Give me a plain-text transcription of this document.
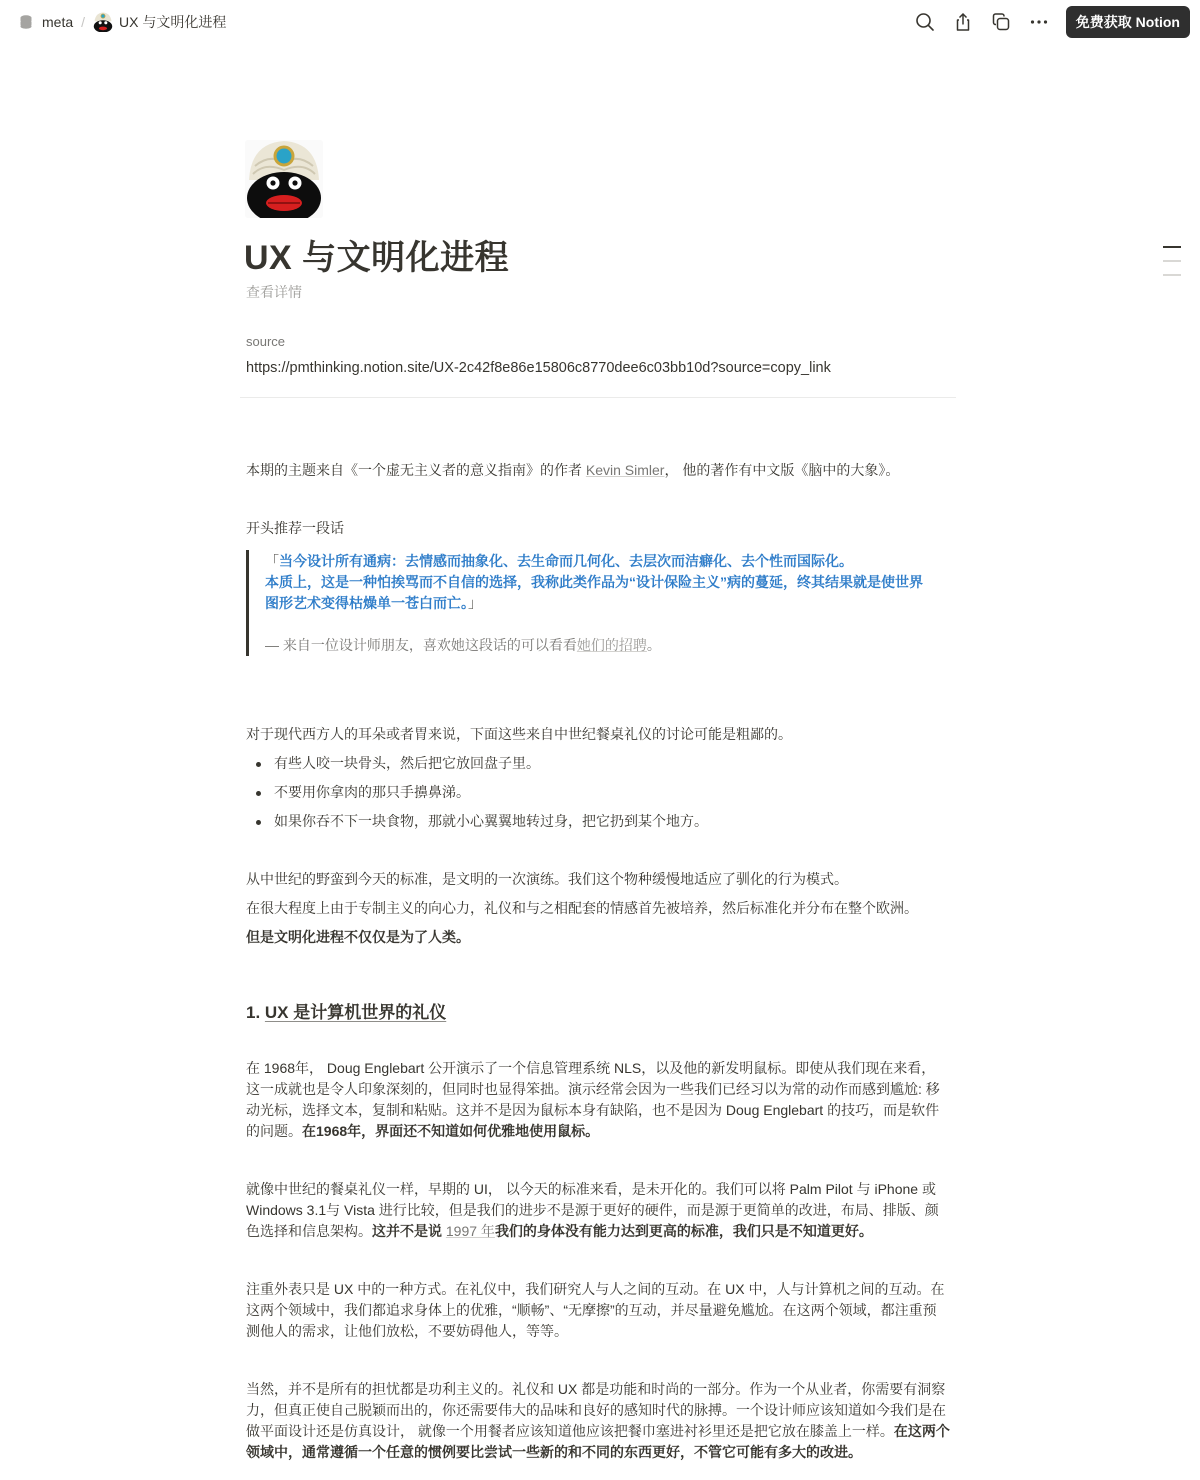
meta / UX 与文明化进程	免费获取 Notion
UX 与文明化进程
查看详情
source
https://pmthinking.notion.site/UX-2c42f8e86e15806c8770dee6c03bb10d?source=copy_link
本期的主题来自《一个虚无主义者的意义指南》的作者 Kevin Simler， 他的著作有中文版《脑中的大象》。
开头推荐一段话
「当今设计所有通病：去情感而抽象化、去生命而几何化、去层次而洁癖化、去个性而国际化。
本质上，这是一种怕挨骂而不自信的选择，我称此类作品为“设计保险主义”病的蔓延，终其结果就是使世界
图形艺术变得枯燥单一苍白而亡。」
— 来自一位设计师朋友，喜欢她这段话的可以看看她们的招聘。
对于现代西方人的耳朵或者胃来说，下面这些来自中世纪餐桌礼仪的讨论可能是粗鄙的。
有些人咬一块骨头，然后把它放回盘子里。
不要用你拿肉的那只手擤鼻涕。
如果你吞不下一块食物，那就小心翼翼地转过身，把它扔到某个地方。
从中世纪的野蛮到今天的标准，是文明的一次演练。我们这个物种缓慢地适应了驯化的行为模式。
在很大程度上由于专制主义的向心力，礼仪和与之相配套的情感首先被培养，然后标准化并分布在整个欧洲。
但是文明化进程不仅仅是为了人类。
1. UX 是计算机世界的礼仪
在 1968年， Doug Englebart 公开演示了一个信息管理系统 NLS，以及他的新发明鼠标。即使从我们现在来看，
这一成就也是令人印象深刻的，但同时也显得笨拙。演示经常会因为一些我们已经习以为常的动作而感到尴尬: 移
动光标，选择文本，复制和粘贴。这并不是因为鼠标本身有缺陷，也不是因为 Doug Englebart 的技巧，而是软件
的问题。在1968年，界面还不知道如何优雅地使用鼠标。
就像中世纪的餐桌礼仪一样，早期的 UI， 以今天的标准来看，是未开化的。我们可以将 Palm Pilot 与 iPhone 或
Windows 3.1与 Vista 进行比较，但是我们的进步不是源于更好的硬件，而是源于更简单的改进，布局、排版、颜
色选择和信息架构。这并不是说 1997 年我们的身体没有能力达到更高的标准，我们只是不知道更好。
注重外表只是 UX 中的一种方式。在礼仪中，我们研究人与人之间的互动。在 UX 中，人与计算机之间的互动。在
这两个领域中，我们都追求身体上的优雅，“顺畅”、“无摩擦”的互动，并尽量避免尴尬。在这两个领域，都注重预
测他人的需求，让他们放松，不要妨碍他人，等等。
当然，并不是所有的担忧都是功利主义的。礼仪和 UX 都是功能和时尚的一部分。作为一个从业者，你需要有洞察
力，但真正使自己脱颖而出的，你还需要伟大的品味和良好的感知时代的脉搏。一个设计师应该知道如今我们是在
做平面设计还是仿真设计， 就像一个用餐者应该知道他应该把餐巾塞进衬衫里还是把它放在膝盖上一样。在这两个
领域中，通常遵循一个任意的惯例要比尝试一些新的和不同的东西更好，不管它可能有多大的改进。
